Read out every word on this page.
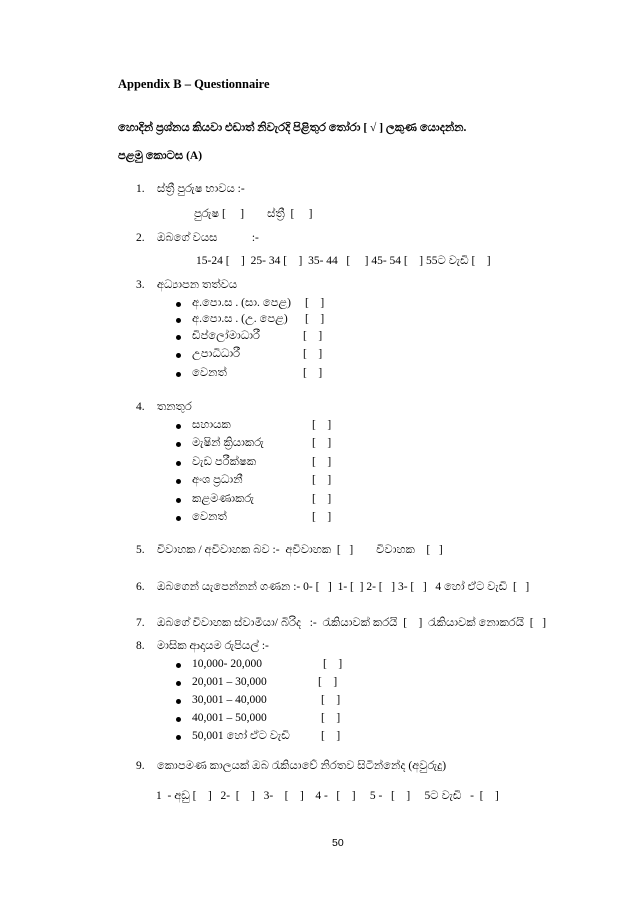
Appendix B – Questionnaire
හොදින් ප්‍රශ්නය කියවා එඩාත් නිවැරදි පිළිතුර තෝරා [ √ ] ලකුණ යොදන්න.
පළමු කොටස (A)
1. ස්ත්‍රී පුරුෂ භාවය :-
පුරුෂ [     ]        ස්ත්‍රී  [     ]
2. ඔබගේ වයස            :-
15-24 [    ]  25- 34 [    ]  35- 44   [     ] 45- 54 [    ] 55ට වැඩි [    ]
3. අධ්‍යාපන තත්වය
අ.පො.ස . (සා. පෙළ) [    ]
අ.පො.ස . (උ. පෙළ) [    ]
ඩිප්ලෝමාධාරී	[    ]
උපාධිධාරී	[    ]
වෙනත්	[    ]
4. තනතුර
සහායක	[    ]
මැෂින් ක්‍රියාකරු	[    ]
වැඩ පරීක්ෂක	[    ]
අංශ ප්‍රධානී	[    ]
කළමණාකරු	[    ]
වෙනත්	[    ]
5. විවාහක / අවිවාහක බව :-  අවිවාහක  [   ]        විවාහක    [   ]
6. ඔබගෙන් යැපෙන්නන් ගණන :- 0- [   ]  1- [  ] 2- [   ] 3- [   ]   4 හෝ ඒට වැඩි  [   ]
7. ඔබගේ විවාහක ස්වාමියා/ බිරිද   :-  රැකියාවක් කරයි  [    ]  රැකියාවක් නොකරයි  [   ]
8. මාසික ආදායම රුපියල් :-
10,000- 20,000	[    ]
20,001 – 30,000	[    ]
30,001 – 40,000	[    ]
40,001 – 50,000	[    ]
50,001 හෝ ඒට වැඩි	[    ]
9. කොපමණ කාලයක් ඔබ රැකියාවේ නිරතව සිටින්නේද (අවුරුදු)
1  - අඩු [    ]   2-  [    ]   3-    [    ]    4 -   [    ]     5 -   [    ]     5ට වැඩි   -  [    ]
50
